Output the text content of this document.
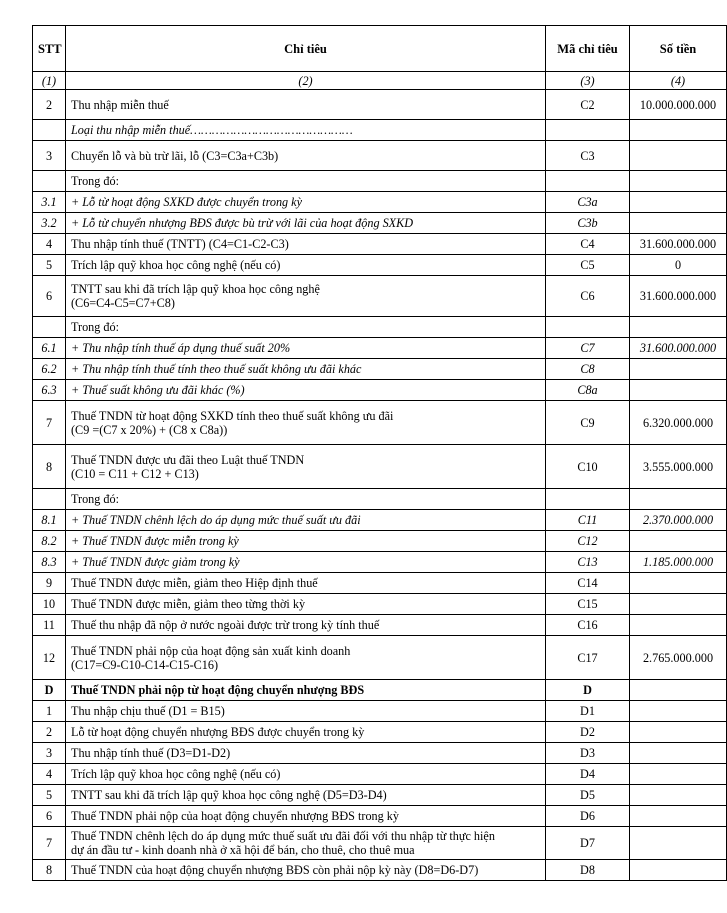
STT	Chỉ tiêu	Mã chỉ tiêu	Số tiền
(1)	(2)	(3)	(4)
2	Thu nhập miễn thuế	C2	10.000.000.000
	Loại thu nhập miễn thuế………………………………………		
3	Chuyển lỗ và bù trừ lãi, lỗ (C3=C3a+C3b)	C3	
	Trong đó:		
3.1	+ Lỗ từ hoạt động SXKD được chuyển trong kỳ	C3a	
3.2	+ Lỗ từ chuyển nhượng BĐS được bù trừ với lãi của hoạt động SXKD	C3b	
4	Thu nhập tính thuế (TNTT) (C4=C1-C2-C3)	C4	31.600.000.000
5	Trích lập quỹ khoa học công nghệ (nếu có)	C5	0
6	TNTT sau khi đã trích lập quỹ khoa học công nghệ
(C6=C4-C5=C7+C8)	C6	31.600.000.000
	Trong đó:		
6.1	+ Thu nhập tính thuế áp dụng thuế suất 20%	C7	31.600.000.000
6.2	+ Thu nhập tính thuế tính theo thuế suất không ưu đãi khác	C8	
6.3	+ Thuế suất không ưu đãi khác (%)	C8a	
7	Thuế TNDN từ hoạt động SXKD tính theo thuế suất không ưu đãi
(C9 =(C7 x 20%) + (C8 x C8a))	C9	6.320.000.000
8	Thuế TNDN được ưu đãi theo Luật thuế TNDN
(C10 = C11 + C12 + C13)	C10	3.555.000.000
	Trong đó:		
8.1	+ Thuế TNDN chênh lệch do áp dụng mức thuế suất ưu đãi	C11	2.370.000.000
8.2	+ Thuế TNDN được miễn trong kỳ	C12	
8.3	+ Thuế TNDN được giảm trong kỳ	C13	1.185.000.000
9	Thuế TNDN được miễn, giảm theo Hiệp định thuế	C14	
10	Thuế TNDN được miễn, giảm theo từng thời kỳ	C15	
11	Thuế thu nhập đã nộp ở nước ngoài được trừ trong kỳ tính thuế	C16	
12	Thuế TNDN phải nộp của hoạt động sản xuất kinh doanh
(C17=C9-C10-C14-C15-C16)	C17	2.765.000.000
D	Thuế TNDN phải nộp từ hoạt động chuyển nhượng BĐS	D	
1	Thu nhập chịu thuế (D1 = B15)	D1	
2	Lỗ từ hoạt động chuyển nhượng BĐS được chuyển trong kỳ	D2	
3	Thu nhập tính thuế (D3=D1-D2)	D3	
4	Trích lập quỹ khoa học công nghệ (nếu có)	D4	
5	TNTT sau khi đã trích lập quỹ khoa học công nghệ (D5=D3-D4)	D5	
6	Thuế TNDN phải nộp của hoạt động chuyển nhượng BĐS trong kỳ	D6	
7	Thuế TNDN chênh lệch do áp dụng mức thuế suất ưu đãi đối với thu nhập từ thực hiện
dự án đầu tư - kinh doanh nhà ở xã hội để bán, cho thuê, cho thuê mua	D7	
8	Thuế TNDN của hoạt động chuyển nhượng BĐS còn phải nộp kỳ này (D8=D6-D7)	D8	
